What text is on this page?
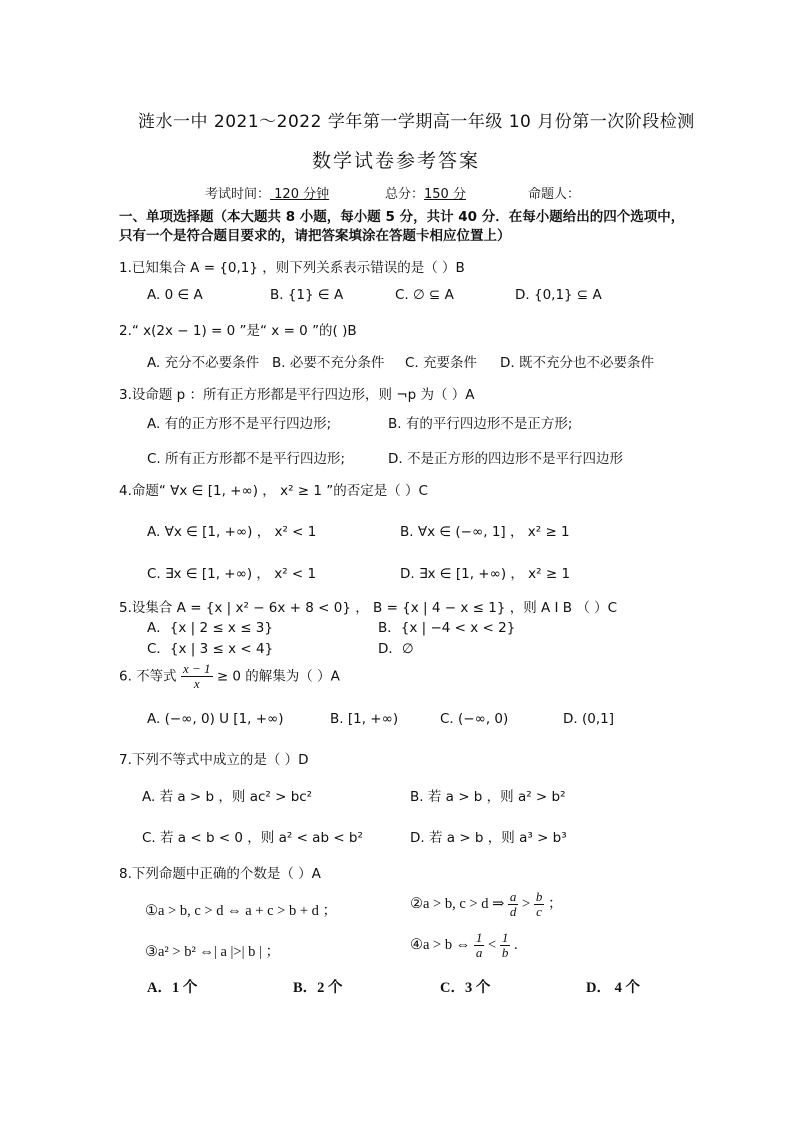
涟水一中 2021～2022 学年第一学期高一年级 10 月份第一次阶段检测
数学试卷参考答案
考试时间： 120 分钟	总分：150 分	命题人：
一、单项选择题（本大题共 8 小题，每小题 5 分，共计 40 分．在每小题给出的四个选项中，
只有一个是符合题目要求的，请把答案填涂在答题卡相应位置上）
1.已知集合 A = {0,1} ，则下列关系表示错误的是（ ）B
A. 0 ∈ A	B. {1} ∈ A	C. ∅ ⊆ A	D. {0,1} ⊆ A
2.“ x(2x − 1) = 0 ”是“ x = 0 ”的( )B
A. 充分不必要条件 B. 必要不充分条件 C. 充要条件 D. 既不充分也不必要条件
3.设命题 p ：所有正方形都是平行四边形，则 ¬p 为（ ）A
A. 有的正方形不是平行四边形;	B. 有的平行四边形不是正方形;
C. 所有正方形都不是平行四边形;	D. 不是正方形的四边形不是平行四边形
4.命题“ ∀x ∈ [1, +∞) ， x² ≥ 1 ”的否定是（ ）C
A. ∀x ∈ [1, +∞) ， x² < 1	B. ∀x ∈ (−∞, 1] ， x² ≥ 1
C. ∃x ∈ [1, +∞) ， x² < 1	D. ∃x ∈ [1, +∞) ， x² ≥ 1
5.设集合 A = {x | x² − 6x + 8 < 0} ， B = {x | 4 − x ≤ 1} ，则 A I B （ ）C
A．{x | 2 ≤ x ≤ 3}	B．{x | −4 < x < 2}
C．{x | 3 ≤ x < 4}	D．∅
6. 不等式 $\frac{x - 1}{x} \ge 0$ 的解集为（ ）A
A. (−∞, 0) U [1, +∞)	B. [1, +∞)	C. (−∞, 0)	D. (0,1]
7.下列不等式中成立的是（ ）D
A. 若 a > b ，则 ac² > bc²	B. 若 a > b ，则 a² > b²
C. 若 a < b < 0 ，则 a² < ab < b²	D. 若 a > b ，则 a³ > b³
8.下列命题中正确的个数是（ ）A
①a > b, c > d ⇔ a + c > b + d ；	②a > b, c > d ⇒ $\frac{a}{d} > \frac{b}{c}$ ；
③a² > b² ⇔| a |>| b | ；	④a > b ⇔ $\frac{1}{a} < \frac{1}{b}$ .
A．1 个	B．2 个	C．3 个	D． 4 个
